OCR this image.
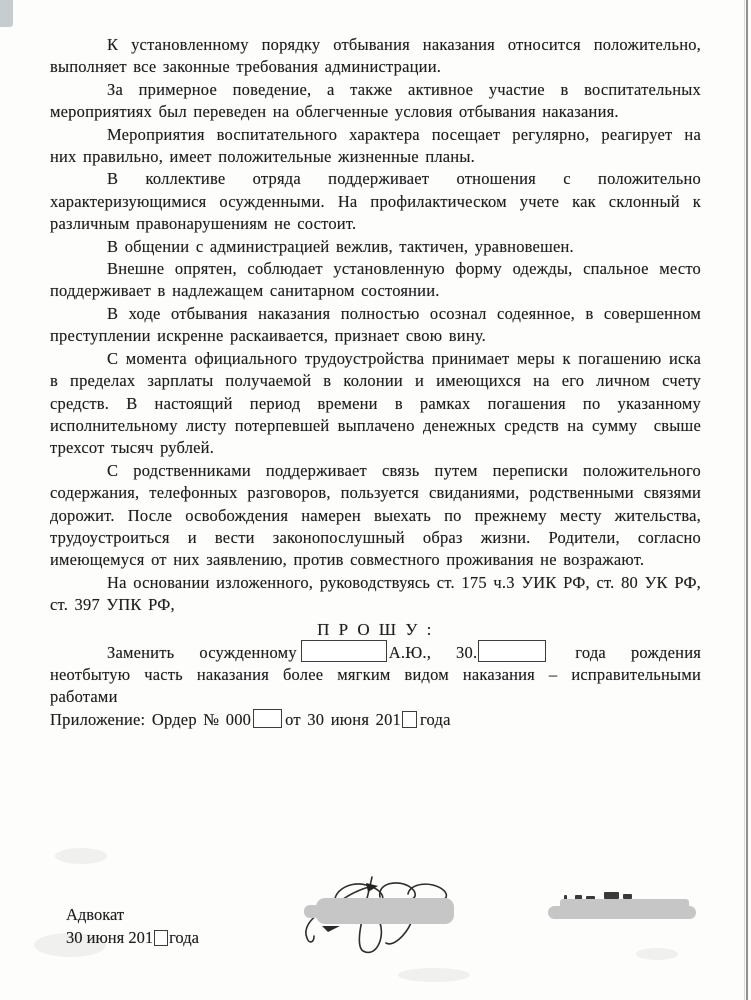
К установленному порядку отбывания наказания относится положительно, выполняет все законные требования администрации.

За примерное поведение, а также активное участие в воспитательных мероприятиях был переведен на облегченные условия отбывания наказания.

Мероприятия воспитательного характера посещает регулярно, реагирует на них правильно, имеет положительные жизненные планы.

В коллективе отряда поддерживает отношения с положительно характеризующимися осужденными. На профилактическом учете как склонный к различным правонарушениям не состоит.

В общении с администрацией вежлив, тактичен, уравновешен.

Внешне опрятен, соблюдает установленную форму одежды, спальное место поддерживает в надлежащем санитарном состоянии.

В ходе отбывания наказания полностью осознал содеянное, в совершенном преступлении искренне раскаивается, признает свою вину.

С момента официального трудоустройства принимает меры к погашению иска в пределах зарплаты получаемой в колонии и имеющихся на его личном счету средств. В настоящий период времени в рамках погашения по указанному исполнительному листу потерпевшей выплачено денежных средств на сумму  свыше трехсот тысяч рублей.

С родственниками поддерживает связь путем переписки положительного содержания, телефонных разговоров, пользуется свиданиями, родственными связями дорожит. После освобождения намерен выехать по прежнему месту жительства, трудоустроиться и вести законопослушный образ жизни. Родители, согласно имеющемуся от них заявлению, против совместного проживания не возражают.

На основании изложенного, руководствуясь ст. 175 ч.3 УИК РФ, ст. 80 УК РФ, ст. 397 УПК РФ,

П Р О Ш У :

Заменить осужденному	А.Ю., 30.	года рождения неотбытую часть наказания более мягким видом наказания – исправительными работами

Приложение: Ордер № 000 от 30 июня 201 года

Адвокат
30 июня 201 года
